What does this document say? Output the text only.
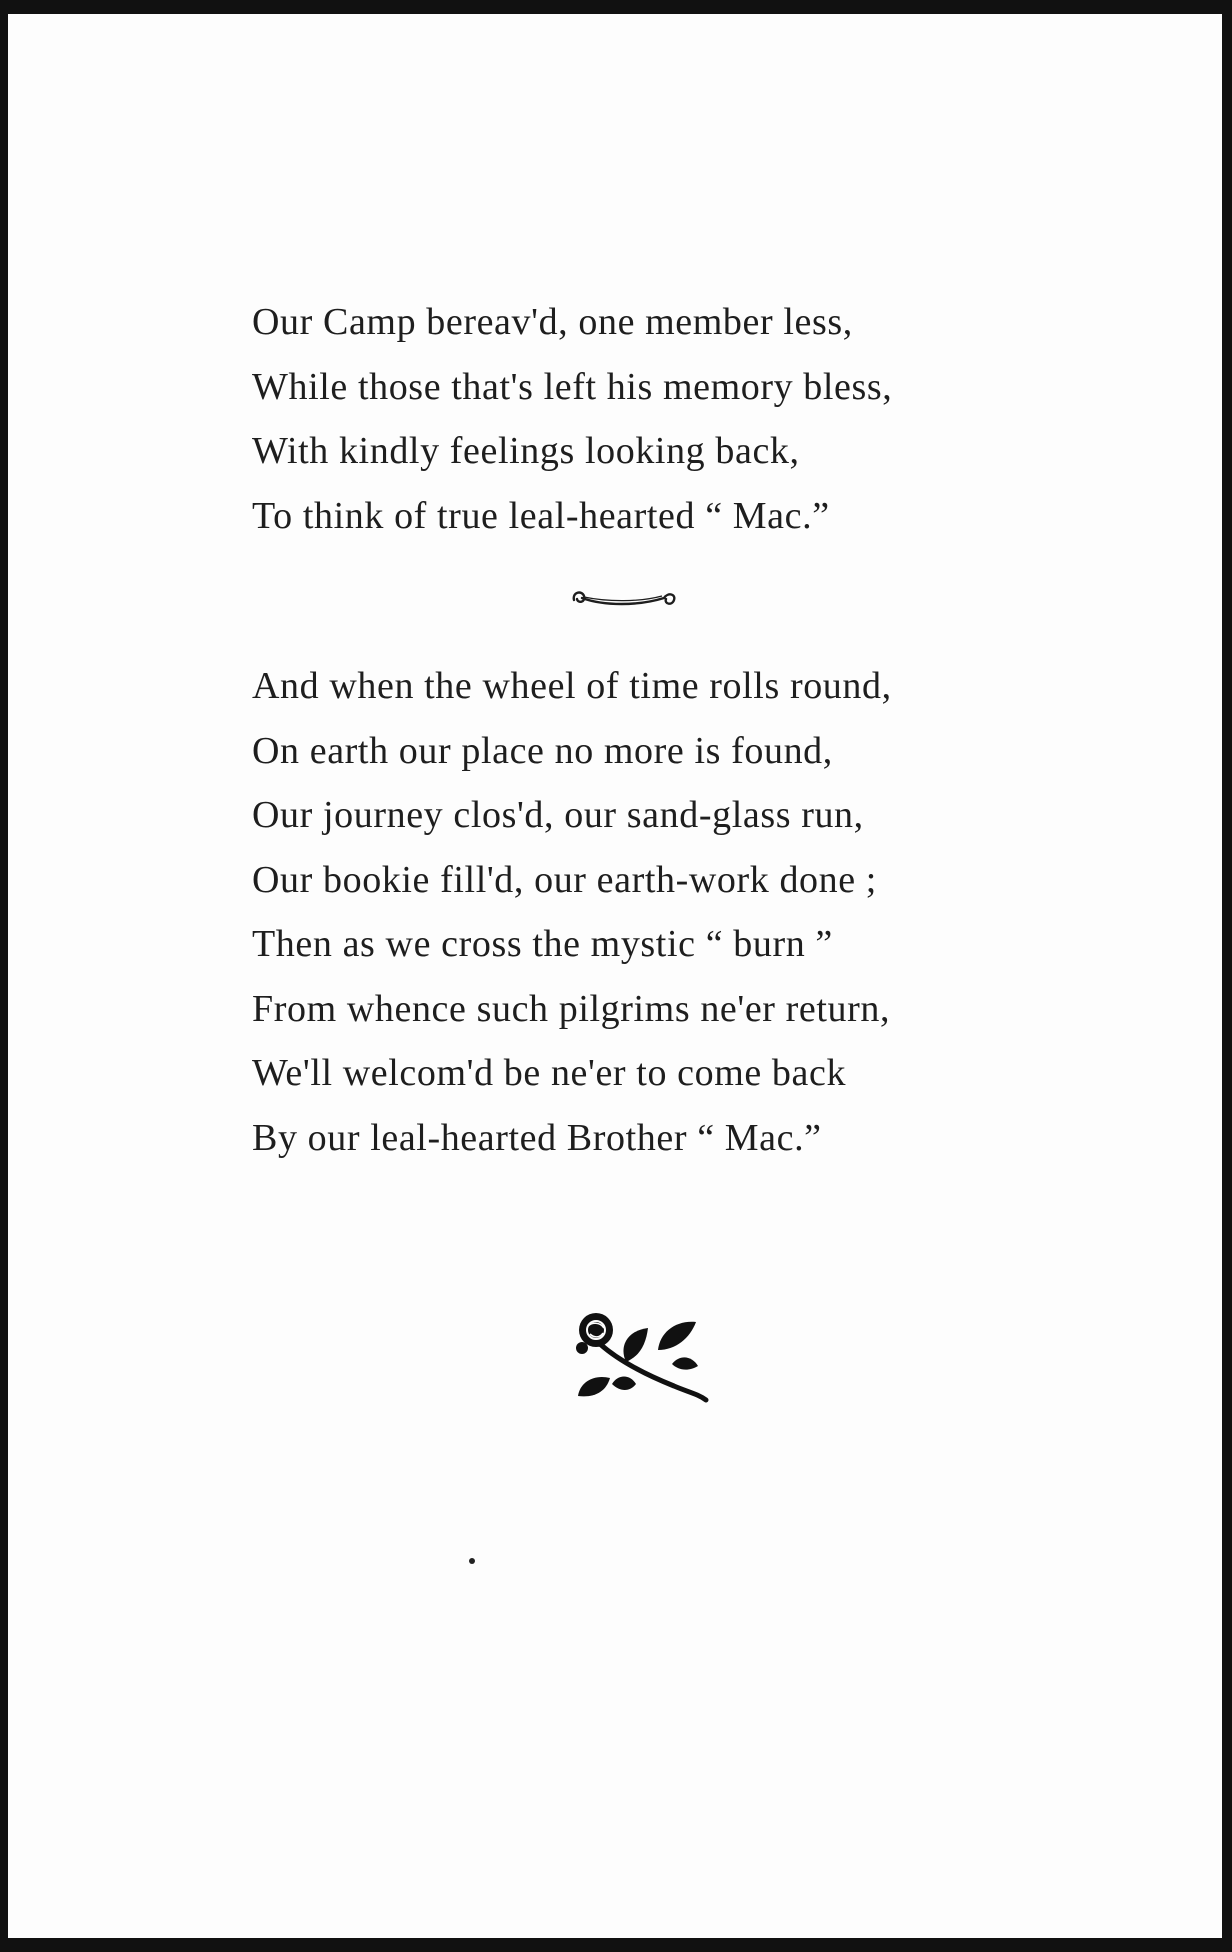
Our Camp bereav'd, one member less,
While those that's left his memory bless,
With kindly feelings looking back,
To think of true leal-hearted “ Mac.”
And when the wheel of time rolls round,
On earth our place no more is found,
Our journey clos'd, our sand-glass run,
Our bookie fill'd, our earth-work done ;
Then as we cross the mystic “ burn ”
From whence such pilgrims ne'er return,
We'll welcom'd be ne'er to come back
By our leal-hearted Brother “ Mac.”
